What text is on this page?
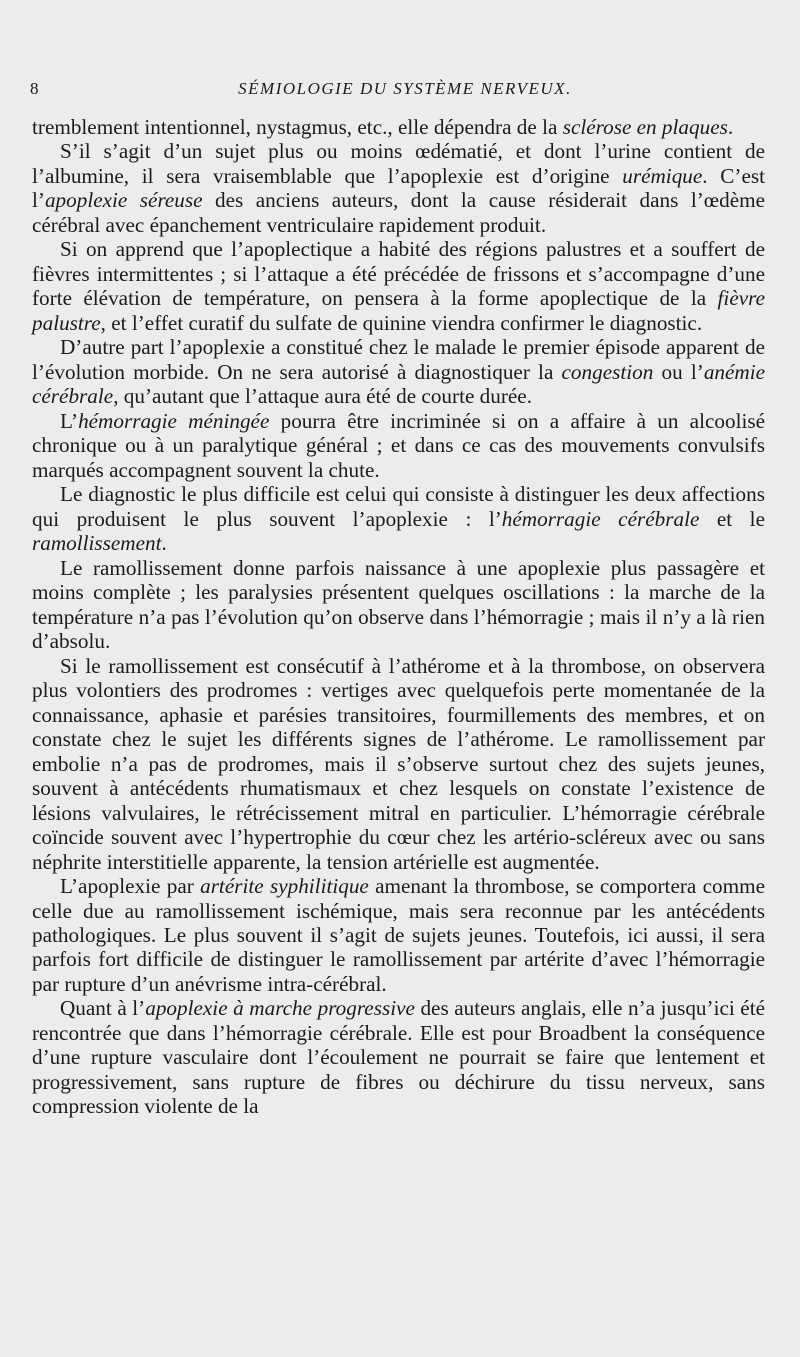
8	SÉMIOLOGIE DU SYSTÈME NERVEUX.

tremblement intentionnel, nystagmus, etc., elle dépendra de la sclérose en plaques.

S’il s’agit d’un sujet plus ou moins œdématié, et dont l’urine contient de l’albumine, il sera vraisemblable que l’apoplexie est d’origine urémique. C’est l’apoplexie séreuse des anciens auteurs, dont la cause résiderait dans l’œdème cérébral avec épanchement ventriculaire rapidement produit.

Si on apprend que l’apoplectique a habité des régions palustres et a souffert de fièvres intermittentes ; si l’attaque a été précédée de frissons et s’accompagne d’une forte élévation de température, on pensera à la forme apoplectique de la fièvre palustre, et l’effet curatif du sulfate de quinine viendra confirmer le diagnostic.

D’autre part l’apoplexie a constitué chez le malade le premier épisode apparent de l’évolution morbide. On ne sera autorisé à diagnostiquer la congestion ou l’anémie cérébrale, qu’autant que l’attaque aura été de courte durée.

L’hémorragie méningée pourra être incriminée si on a affaire à un alcoolisé chronique ou à un paralytique général ; et dans ce cas des mouvements convulsifs marqués accompagnent souvent la chute.

Le diagnostic le plus difficile est celui qui consiste à distinguer les deux affections qui produisent le plus souvent l’apoplexie : l’hémorragie cérébrale et le ramollissement.

Le ramollissement donne parfois naissance à une apoplexie plus passagère et moins complète ; les paralysies présentent quelques oscillations : la marche de la température n’a pas l’évolution qu’on observe dans l’hémorragie ; mais il n’y a là rien d’absolu.

Si le ramollissement est consécutif à l’athérome et à la thrombose, on observera plus volontiers des prodromes : vertiges avec quelquefois perte momentanée de la connaissance, aphasie et parésies transitoires, fourmillements des membres, et on constate chez le sujet les différents signes de l’athérome. Le ramollissement par embolie n’a pas de prodromes, mais il s’observe surtout chez des sujets jeunes, souvent à antécédents rhumatismaux et chez lesquels on constate l’existence de lésions valvulaires, le rétrécissement mitral en particulier. L’hémorragie cérébrale coïncide souvent avec l’hypertrophie du cœur chez les artério-scléreux avec ou sans néphrite interstitielle apparente, la tension artérielle est augmentée.

L’apoplexie par artérite syphilitique amenant la thrombose, se comportera comme celle due au ramollissement ischémique, mais sera reconnue par les antécédents pathologiques. Le plus souvent il s’agit de sujets jeunes. Toutefois, ici aussi, il sera parfois fort difficile de distinguer le ramollissement par artérite d’avec l’hémorragie par rupture d’un anévrisme intra-cérébral.

Quant à l’apoplexie à marche progressive des auteurs anglais, elle n’a jusqu’ici été rencontrée que dans l’hémorragie cérébrale. Elle est pour Broadbent la conséquence d’une rupture vasculaire dont l’écoulement ne pourrait se faire que lentement et progressivement, sans rupture de fibres ou déchirure du tissu nerveux, sans compression violente de la
